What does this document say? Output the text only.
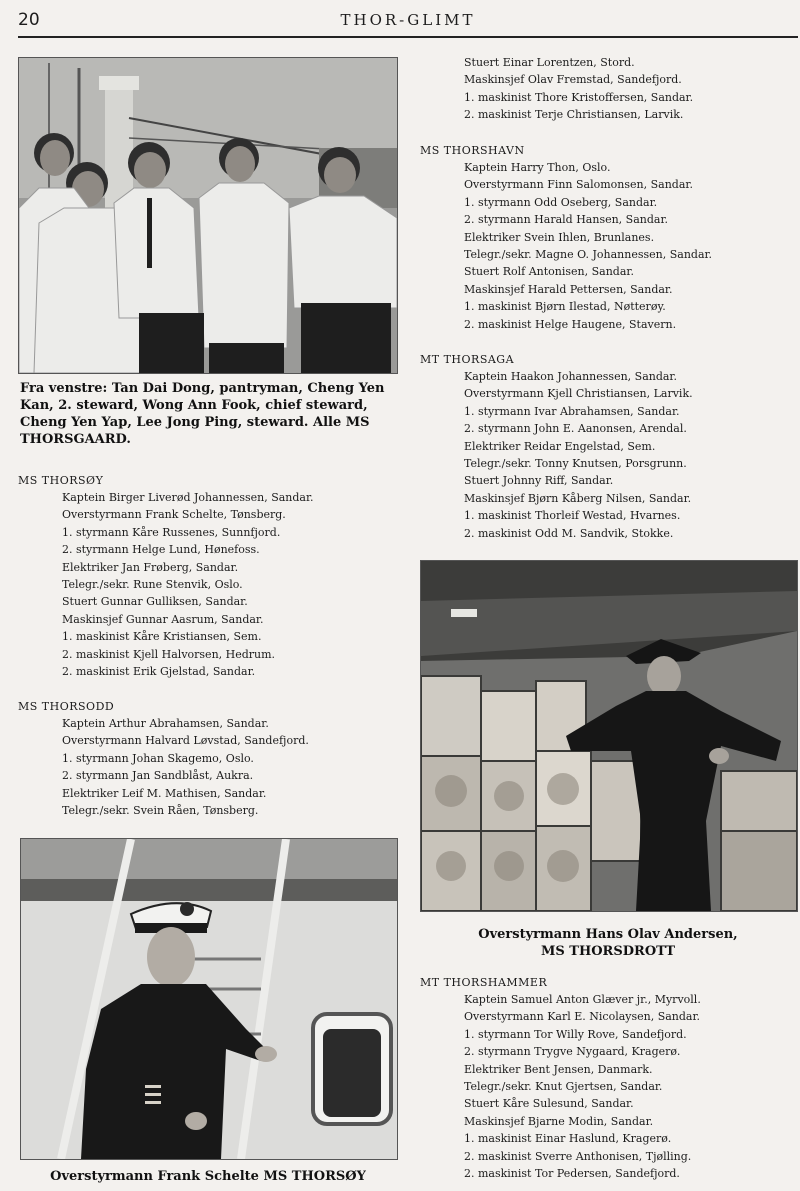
20	THOR-GLIMT
Fra venstre: Tan Dai Dong, pantryman, Cheng Yen Kan, 2. steward, Wong Ann Fook, chief steward, Cheng Yen Yap, Lee Jong Ping, steward. Alle MS THORSGAARD.
Stuert Einar Lorentzen, Stord.
Maskinsjef Olav Fremstad, Sandefjord.
1. maskinist Thore Kristoffersen, Sandar.
2. maskinist Terje Christiansen, Larvik.
MS THORSHAVN
Kaptein Harry Thon, Oslo.
Overstyrmann Finn Salomonsen, Sandar.
1. styrmann Odd Oseberg, Sandar.
2. styrmann Harald Hansen, Sandar.
Elektriker Svein Ihlen, Brunlanes.
Telegr./sekr. Magne O. Johannessen, Sandar.
Stuert Rolf Antonisen, Sandar.
Maskinsjef Harald Pettersen, Sandar.
1. maskinist Bjørn Ilestad, Nøtterøy.
2. maskinist Helge Haugene, Stavern.
MT THORSAGA
Kaptein Haakon Johannessen, Sandar.
Overstyrmann Kjell Christiansen, Larvik.
1. styrmann Ivar Abrahamsen, Sandar.
2. styrmann John E. Aanonsen, Arendal.
Elektriker Reidar Engelstad, Sem.
Telegr./sekr. Tonny Knutsen, Porsgrunn.
Stuert Johnny Riff, Sandar.
Maskinsjef Bjørn Kåberg Nilsen, Sandar.
1. maskinist Thorleif Westad, Hvarnes.
2. maskinist Odd M. Sandvik, Stokke.
MS THORSØY
Kaptein Birger Liverød Johannessen, Sandar.
Overstyrmann Frank Schelte, Tønsberg.
1. styrmann Kåre Russenes, Sunnfjord.
2. styrmann Helge Lund, Hønefoss.
Elektriker Jan Frøberg, Sandar.
Telegr./sekr. Rune Stenvik, Oslo.
Stuert Gunnar Gulliksen, Sandar.
Maskinsjef Gunnar Aasrum, Sandar.
1. maskinist Kåre Kristiansen, Sem.
2. maskinist Kjell Halvorsen, Hedrum.
2. maskinist Erik Gjelstad, Sandar.
MS THORSODD
Kaptein Arthur Abrahamsen, Sandar.
Overstyrmann Halvard Løvstad, Sandefjord.
1. styrmann Johan Skagemo, Oslo.
2. styrmann Jan Sandblåst, Aukra.
Elektriker Leif M. Mathisen, Sandar.
Telegr./sekr. Svein Råen, Tønsberg.
Overstyrmann Hans Olav Andersen,
MS THORSDROTT
MT THORSHAMMER
Kaptein Samuel Anton Glæver jr., Myrvoll.
Overstyrmann Karl E. Nicolaysen, Sandar.
1. styrmann Tor Willy Rove, Sandefjord.
2. styrmann Trygve Nygaard, Kragerø.
Elektriker Bent Jensen, Danmark.
Telegr./sekr. Knut Gjertsen, Sandar.
Stuert Kåre Sulesund, Sandar.
Maskinsjef Bjarne Modin, Sandar.
1. maskinist Einar Haslund, Kragerø.
2. maskinist Sverre Anthonisen, Tjølling.
2. maskinist Tor Pedersen, Sandefjord.
Overstyrmann Frank Schelte MS THORSØY
